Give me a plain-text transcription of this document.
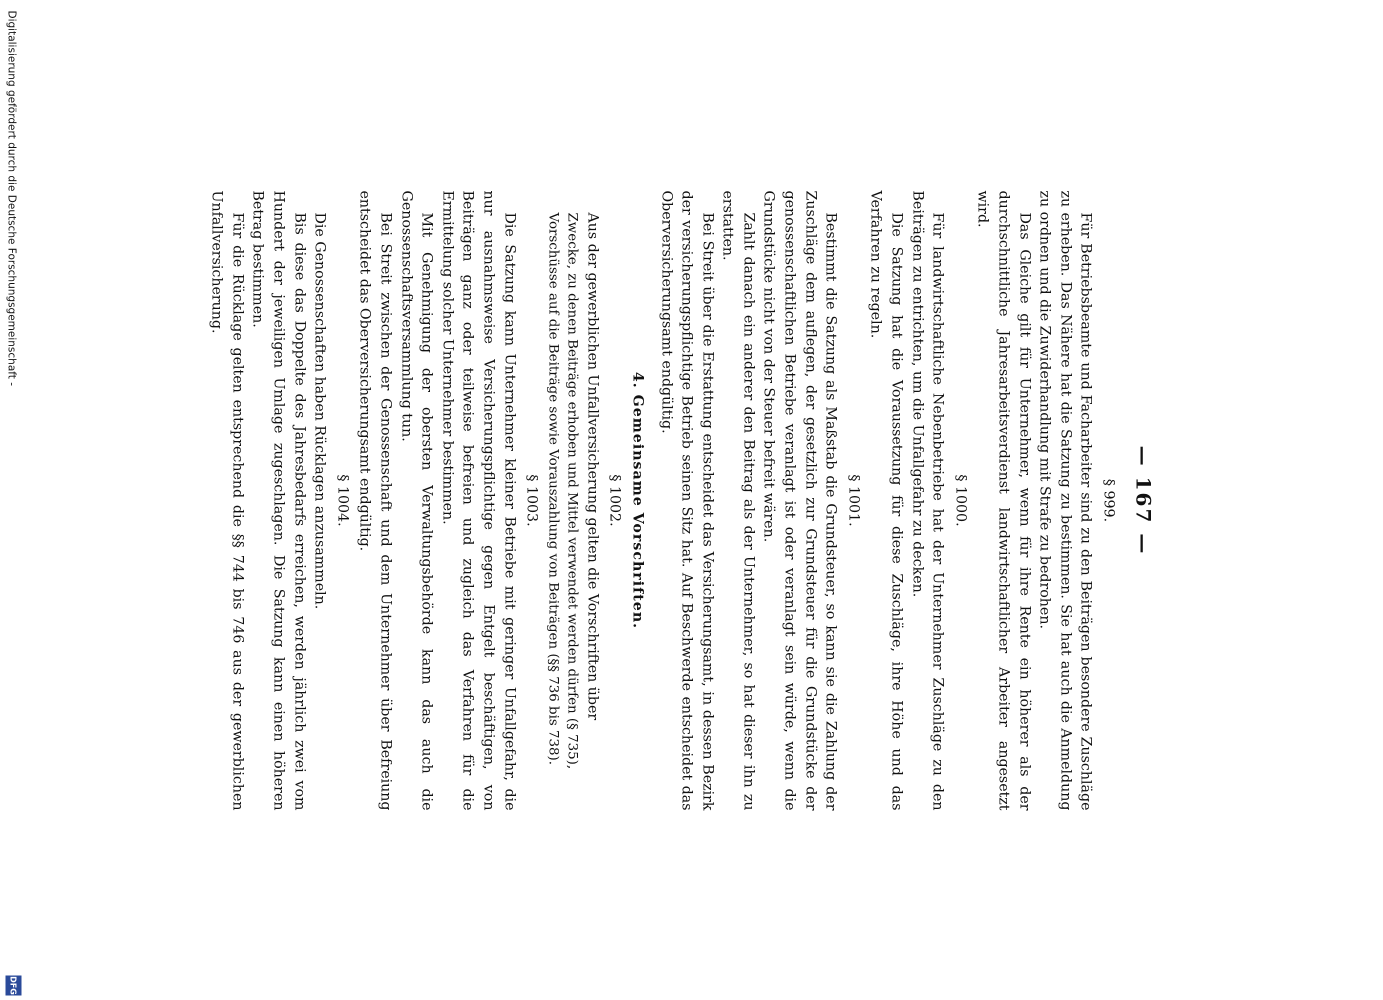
— 167 —
§ 999.

Für Betriebsbeamte und Facharbeiter sind zu den Beiträgen besondere Zuschläge zu erheben. Das Nähere hat die Satzung zu bestimmen. Sie hat auch die Anmeldung zu ordnen und die Zuwiderhandlung mit Strafe zu bedrohen.

Das Gleiche gilt für Unternehmer, wenn für ihre Rente ein höherer als der durchschnittliche Jahresarbeitsverdienst landwirtschaftlicher Arbeiter angesetzt wird.

§ 1000.

Für landwirtschaftliche Nebenbetriebe hat der Unternehmer Zuschläge zu den Beiträgen zu entrichten, um die Unfallgefahr zu decken.

Die Satzung hat die Voraussetzung für diese Zuschläge, ihre Höhe und das Verfahren zu regeln.

§ 1001.

Bestimmt die Satzung als Maßstab die Grundsteuer, so kann sie die Zahlung der Zuschläge dem auflegen, der gesetzlich zur Grundsteuer für die Grundstücke der genossenschaftlichen Betriebe veranlagt ist oder veranlagt sein würde, wenn die Grundstücke nicht von der Steuer befreit wären.

Zahlt danach ein anderer den Beitrag als der Unternehmer, so hat dieser ihn zu erstatten.

Bei Streit über die Erstattung entscheidet das Versicherungsamt, in dessen Bezirk der versicherungspflichtige Betrieb seinen Sitz hat. Auf Beschwerde entscheidet das Oberversicherungsamt endgültig.

4. Gemeinsame Vorschriften.
§ 1002.

Aus der gewerblichen Unfallversicherung gelten die Vorschriften über

Zwecke, zu denen Beiträge erhoben und Mittel verwendet werden dürfen (§ 735),

Vorschüsse auf die Beiträge sowie Vorauszahlung von Beiträgen (§§ 736 bis 738).

§ 1003.

Die Satzung kann Unternehmer kleiner Betriebe mit geringer Unfallgefahr, die nur ausnahmsweise Versicherungspflichtige gegen Entgelt beschäftigen, von Beiträgen ganz oder teilweise befreien und zugleich das Verfahren für die Ermittelung solcher Unternehmer bestimmen.

Mit Genehmigung der obersten Verwaltungsbehörde kann das auch die Genossenschaftsversammlung tun.

Bei Streit zwischen der Genossenschaft und dem Unternehmer über Befreiung entscheidet das Oberversicherungsamt endgültig.

§ 1004.

Die Genossenschaften haben Rücklagen anzusammeln.

Bis diese das Doppelte des Jahresbedarfs erreichen, werden jährlich zwei vom Hundert der jeweiligen Umlage zugeschlagen. Die Satzung kann einen höheren Betrag bestimmen.

Für die Rücklage gelten entsprechend die §§ 744 bis 746 aus der gewerblichen Unfallversicherung.

Digitalisierung gefördert durch die Deutsche Forschungsgemeinschaft -
DFG
